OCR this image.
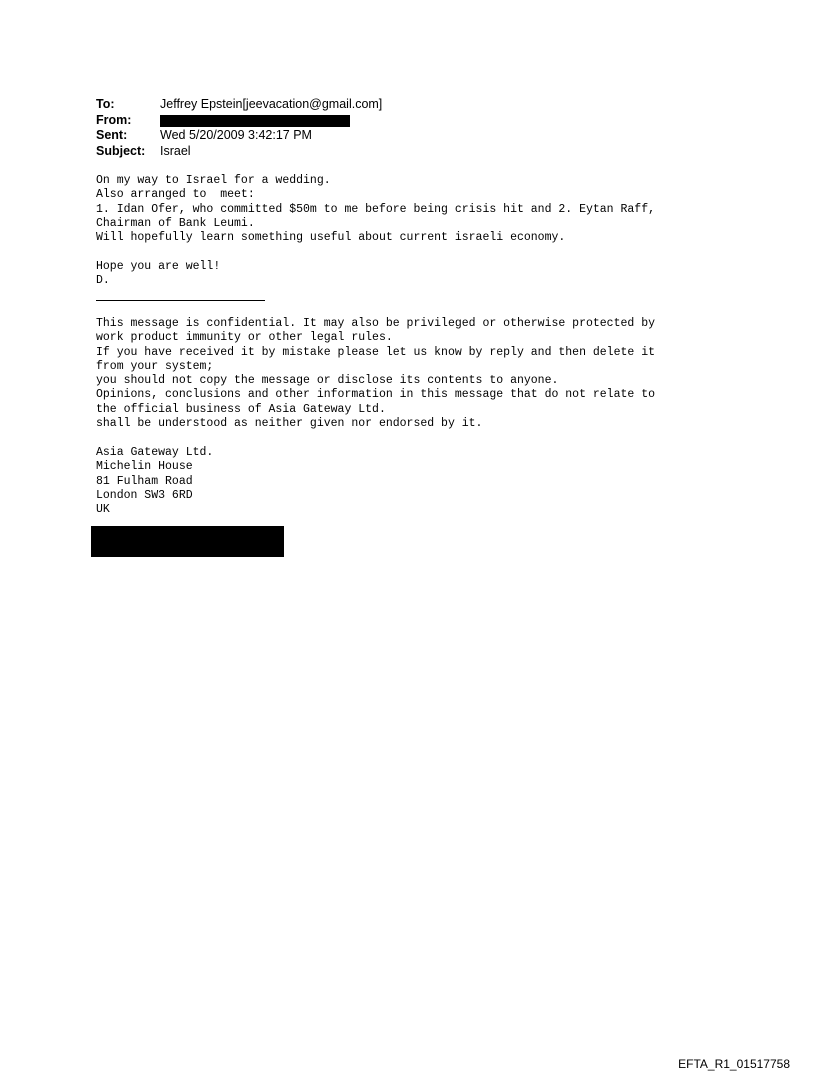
To:	Jeffrey Epstein[jeevacation@gmail.com]
From:
Sent:	Wed 5/20/2009 3:42:17 PM
Subject:	Israel
On my way to Israel for a wedding.
Also arranged to  meet:
1. Idan Ofer, who committed $50m to me before being crisis hit and 2. Eytan Raff,
Chairman of Bank Leumi.
Will hopefully learn something useful about current israeli economy.

Hope you are well!
D.
This message is confidential. It may also be privileged or otherwise protected by
work product immunity or other legal rules.
If you have received it by mistake please let us know by reply and then delete it
from your system;
you should not copy the message or disclose its contents to anyone.
Opinions, conclusions and other information in this message that do not relate to
the official business of Asia Gateway Ltd.
shall be understood as neither given nor endorsed by it.
Asia Gateway Ltd.
Michelin House
81 Fulham Road
London SW3 6RD
UK
EFTA_R1_01517758
